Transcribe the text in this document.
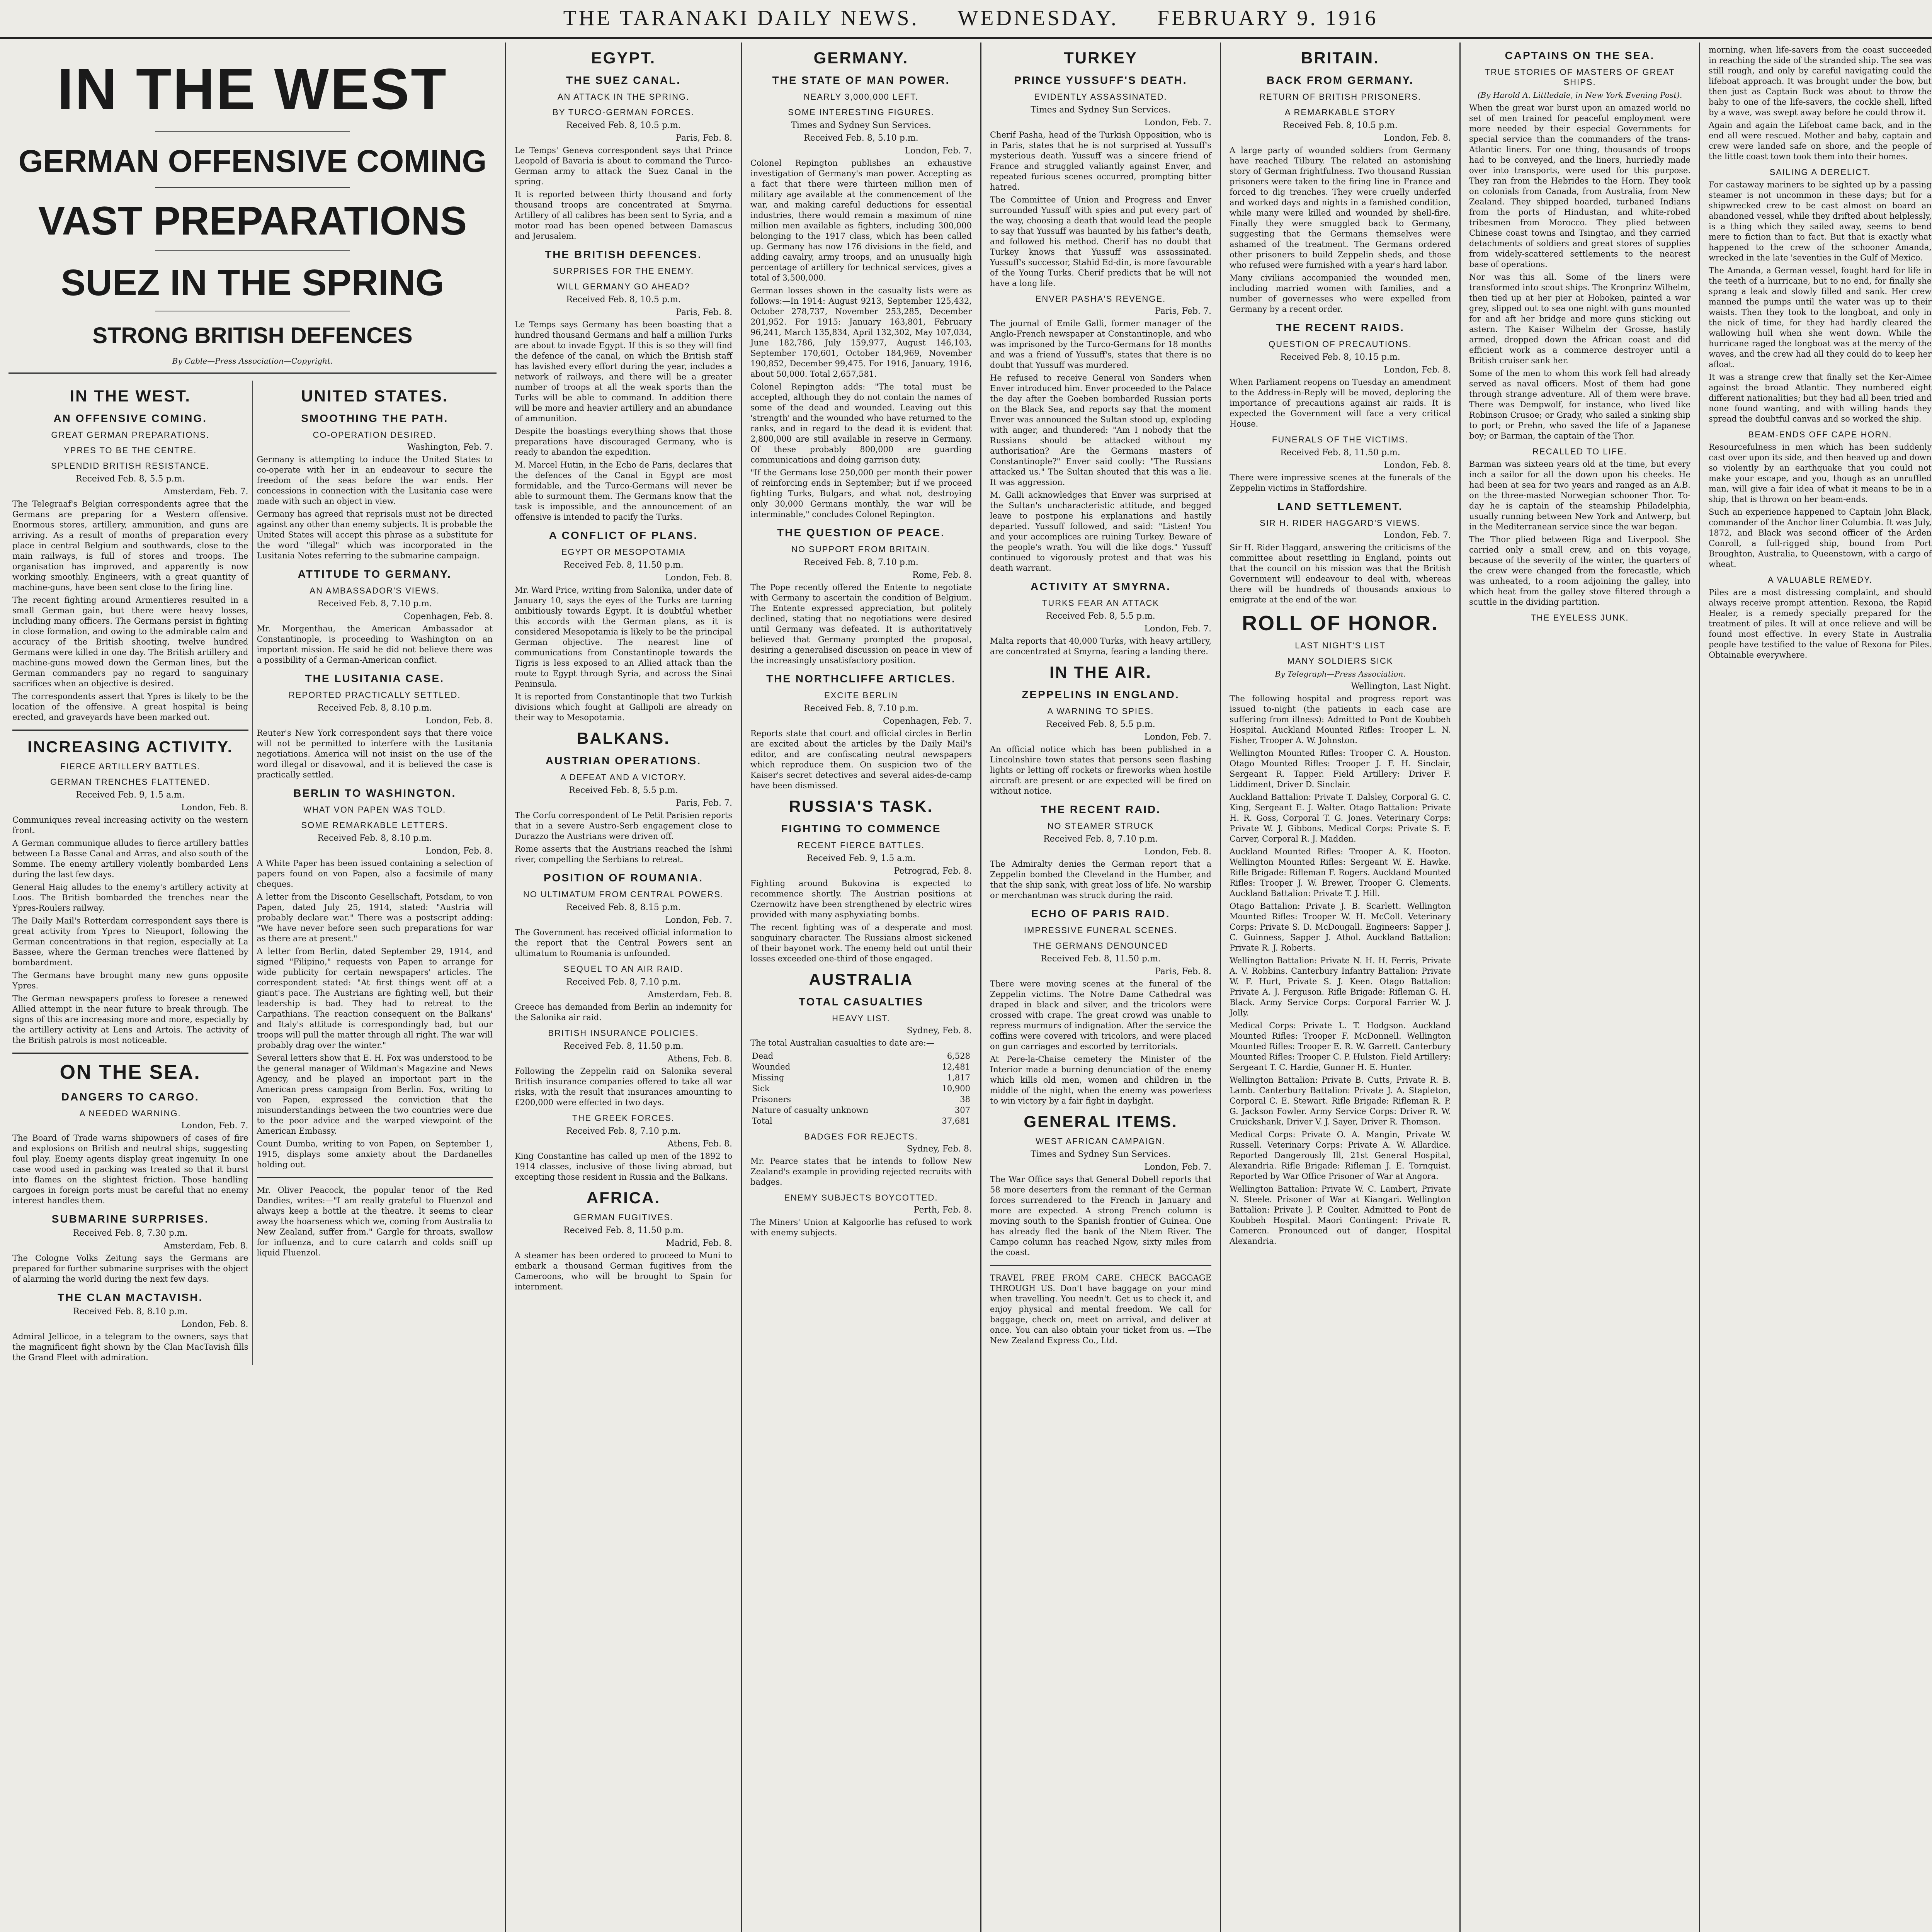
THE TARANAKI DAILY NEWS. WEDNESDAY. FEBRUARY 9. 1916
IN THE WEST
GERMAN OFFENSIVE COMING
VAST PREPARATIONS
SUEZ IN THE SPRING
STRONG BRITISH DEFENCES
By Cable—Press Association—Copyright.
IN THE WEST.
AN OFFENSIVE COMING.
GREAT GERMAN PREPARATIONS.
YPRES TO BE THE CENTRE.
SPLENDID BRITISH RESISTANCE.
Received Feb. 8, 5.5 p.m.
Amsterdam, Feb. 7.

The Telegraaf's Belgian correspondents agree that the Germans are preparing for a Western offensive. Enormous stores, artillery, ammunition, and guns are arriving. As a result of months of preparation every place in central Belgium and southwards, close to the main railways, is full of stores and troops. The organisation has improved, and apparently is now working smoothly. Engineers, with a great quantity of machine-guns, have been sent close to the firing line.

The recent fighting around Armentieres resulted in a small German gain, but there were heavy losses, including many officers. The Germans persist in fighting in close formation, and owing to the admirable calm and accuracy of the British shooting, twelve hundred Germans were killed in one day. The British artillery and machine-guns mowed down the German lines, but the German commanders pay no regard to sanguinary sacrifices when an objective is desired.

The correspondents assert that Ypres is likely to be the location of the offensive. A great hospital is being erected, and graveyards have been marked out.

INCREASING ACTIVITY.
FIERCE ARTILLERY BATTLES.
GERMAN TRENCHES FLATTENED.
Received Feb. 9, 1.5 a.m.
London, Feb. 8.

Communiques reveal increasing activity on the western front.

A German communique alludes to fierce artillery battles between La Basse Canal and Arras, and also south of the Somme. The enemy artillery violently bombarded Lens during the last few days.

General Haig alludes to the enemy's artillery activity at Loos. The British bombarded the trenches near the Ypres-Roulers railway.

The Daily Mail's Rotterdam correspondent says there is great activity from Ypres to Nieuport, following the German concentrations in that region, especially at La Bassee, where the German trenches were flattened by bombardment.

The Germans have brought many new guns opposite Ypres.

The German newspapers profess to foresee a renewed Allied attempt in the near future to break through. The signs of this are increasing more and more, especially by the artillery activity at Lens and Artois. The activity of the British patrols is most noticeable.

ON THE SEA.
DANGERS TO CARGO.
A NEEDED WARNING.
London, Feb. 7.

The Board of Trade warns shipowners of cases of fire and explosions on British and neutral ships, suggesting foul play. Enemy agents display great ingenuity. In one case wood used in packing was treated so that it burst into flames on the slightest friction. Those handling cargoes in foreign ports must be careful that no enemy interest handles them.

SUBMARINE SURPRISES.
Received Feb. 8, 7.30 p.m.
Amsterdam, Feb. 8.

The Cologne Volks Zeitung says the Germans are prepared for further submarine surprises with the object of alarming the world during the next few days.

THE CLAN MACTAVISH.
Received Feb. 8, 8.10 p.m.
London, Feb. 8.

Admiral Jellicoe, in a telegram to the owners, says that the magnificent fight shown by the Clan MacTavish fills the Grand Fleet with admiration.

UNITED STATES.
SMOOTHING THE PATH.
CO-OPERATION DESIRED.
Washington, Feb. 7.

Germany is attempting to induce the United States to co-operate with her in an endeavour to secure the freedom of the seas before the war ends. Her concessions in connection with the Lusitania case were made with such an object in view.

Germany has agreed that reprisals must not be directed against any other than enemy subjects. It is probable the United States will accept this phrase as a substitute for the word "illegal" which was incorporated in the Lusitania Notes referring to the submarine campaign.

ATTITUDE TO GERMANY.
AN AMBASSADOR'S VIEWS.
Received Feb. 8, 7.10 p.m.
Copenhagen, Feb. 8.

Mr. Morgenthau, the American Ambassador at Constantinople, is proceeding to Washington on an important mission. He said he did not believe there was a possibility of a German-American conflict.

THE LUSITANIA CASE.
REPORTED PRACTICALLY SETTLED.
Received Feb. 8, 8.10 p.m.
London, Feb. 8.

Reuter's New York correspondent says that there voice will not be permitted to interfere with the Lusitania negotiations. America will not insist on the use of the word illegal or disavowal, and it is believed the case is practically settled.

BERLIN TO WASHINGTON.
WHAT VON PAPEN WAS TOLD.
SOME REMARKABLE LETTERS.
Received Feb. 8, 8.10 p.m.
London, Feb. 8.

A White Paper has been issued containing a selection of papers found on von Papen, also a facsimile of many cheques.

A letter from the Disconto Gesellschaft, Potsdam, to von Papen, dated July 25, 1914, stated: "Austria will probably declare war." There was a postscript adding: "We have never before seen such preparations for war as there are at present."

A letter from Berlin, dated September 29, 1914, and signed "Filipino," requests von Papen to arrange for wide publicity for certain newspapers' articles. The correspondent stated: "At first things went off at a giant's pace. The Austrians are fighting well, but their leadership is bad. They had to retreat to the Carpathians. The reaction consequent on the Balkans' and Italy's attitude is correspondingly bad, but our troops will pull the matter through all right. The war will probably drag over the winter."

Several letters show that E. H. Fox was understood to be the general manager of Wildman's Magazine and News Agency, and he played an important part in the American press campaign from Berlin. Fox, writing to von Papen, expressed the conviction that the misunderstandings between the two countries were due to the poor advice and the warped viewpoint of the American Embassy.

Count Dumba, writing to von Papen, on September 1, 1915, displays some anxiety about the Dardanelles holding out.

Mr. Oliver Peacock, the popular tenor of the Red Dandies, writes:—"I am really grateful to Fluenzol and always keep a bottle at the theatre. It seems to clear away the hoarseness which we, coming from Australia to New Zealand, suffer from." Gargle for throats, swallow for influenza, and to cure catarrh and colds sniff up liquid Fluenzol.

EGYPT.
THE SUEZ CANAL.
AN ATTACK IN THE SPRING.
BY TURCO-GERMAN FORCES.
Received Feb. 8, 10.5 p.m.
Paris, Feb. 8.

Le Temps' Geneva correspondent says that Prince Leopold of Bavaria is about to command the Turco-German army to attack the Suez Canal in the spring.

It is reported between thirty thousand and forty thousand troops are concentrated at Smyrna. Artillery of all calibres has been sent to Syria, and a motor road has been opened between Damascus and Jerusalem.

THE BRITISH DEFENCES.
SURPRISES FOR THE ENEMY.
WILL GERMANY GO AHEAD?
Received Feb. 8, 10.5 p.m.
Paris, Feb. 8.

Le Temps says Germany has been boasting that a hundred thousand Germans and half a million Turks are about to invade Egypt. If this is so they will find the defence of the canal, on which the British staff has lavished every effort during the year, includes a network of railways, and there will be a greater number of troops at all the weak sports than the Turks will be able to command. In addition there will be more and heavier artillery and an abundance of ammunition.

Despite the boastings everything shows that those preparations have discouraged Germany, who is ready to abandon the expedition.

M. Marcel Hutin, in the Echo de Paris, declares that the defences of the Canal in Egypt are most formidable, and the Turco-Germans will never be able to surmount them. The Germans know that the task is impossible, and the announcement of an offensive is intended to pacify the Turks.

A CONFLICT OF PLANS.
EGYPT OR MESOPOTAMIA
Received Feb. 8, 11.50 p.m.
London, Feb. 8.

Mr. Ward Price, writing from Salonika, under date of January 10, says the eyes of the Turks are turning ambitiously towards Egypt. It is doubtful whether this accords with the German plans, as it is considered Mesopotamia is likely to be the principal German objective. The nearest line of communications from Constantinople towards the Tigris is less exposed to an Allied attack than the route to Egypt through Syria, and across the Sinai Peninsula.

It is reported from Constantinople that two Turkish divisions which fought at Gallipoli are already on their way to Mesopotamia.

BALKANS.
AUSTRIAN OPERATIONS.
A DEFEAT AND A VICTORY.
Received Feb. 8, 5.5 p.m.
Paris, Feb. 7.

The Corfu correspondent of Le Petit Parisien reports that in a severe Austro-Serb engagement close to Durazzo the Austrians were driven off.

Rome asserts that the Austrians reached the Ishmi river, compelling the Serbians to retreat.

POSITION OF ROUMANIA.
NO ULTIMATUM FROM CENTRAL POWERS.
Received Feb. 8, 8.15 p.m.
London, Feb. 7.

The Government has received official information to the report that the Central Powers sent an ultimatum to Roumania is unfounded.

SEQUEL TO AN AIR RAID.
Received Feb. 8, 7.10 p.m.
Amsterdam, Feb. 8.

Greece has demanded from Berlin an indemnity for the Salonika air raid.

BRITISH INSURANCE POLICIES.
Received Feb. 8, 11.50 p.m.
Athens, Feb. 8.

Following the Zeppelin raid on Salonika several British insurance companies offered to take all war risks, with the result that insurances amounting to £200,000 were effected in two days.

THE GREEK FORCES.
Received Feb. 8, 7.10 p.m.
Athens, Feb. 8.

King Constantine has called up men of the 1892 to 1914 classes, inclusive of those living abroad, but excepting those resident in Russia and the Balkans.

AFRICA.
GERMAN FUGITIVES.
Received Feb. 8, 11.50 p.m.
Madrid, Feb. 8.

A steamer has been ordered to proceed to Muni to embark a thousand German fugitives from the Cameroons, who will be brought to Spain for internment.

GERMANY.
THE STATE OF MAN POWER.
NEARLY 3,000,000 LEFT.
SOME INTERESTING FIGURES.
Times and Sydney Sun Services.
Received Feb. 8, 5.10 p.m.
London, Feb. 7.

Colonel Repington publishes an exhaustive investigation of Germany's man power. Accepting as a fact that there were thirteen million men of military age available at the commencement of the war, and making careful deductions for essential industries, there would remain a maximum of nine million men available as fighters, including 300,000 belonging to the 1917 class, which has been called up. Germany has now 176 divisions in the field, and adding cavalry, army troops, and an unusually high percentage of artillery for technical services, gives a total of 3,500,000.

German losses shown in the casualty lists were as follows:—In 1914: August 9213, September 125,432, October 278,737, November 253,285, December 201,952. For 1915: January 163,801, February 96,241, March 135,834, April 132,302, May 107,034, June 182,786, July 159,977, August 146,103, September 170,601, October 184,969, November 190,852, December 99,475. For 1916, January, 1916, about 50,000. Total 2,657,581.

Colonel Repington adds: "The total must be accepted, although they do not contain the names of some of the dead and wounded. Leaving out this 'strength' and the wounded who have returned to the ranks, and in regard to the dead it is evident that 2,800,000 are still available in reserve in Germany. Of these probably 800,000 are guarding communications and doing garrison duty.

"If the Germans lose 250,000 per month their power of reinforcing ends in September; but if we proceed fighting Turks, Bulgars, and what not, destroying only 30,000 Germans monthly, the war will be interminable," concludes Colonel Repington.

THE QUESTION OF PEACE.
NO SUPPORT FROM BRITAIN.
Received Feb. 8, 7.10 p.m.
Rome, Feb. 8.

The Pope recently offered the Entente to negotiate with Germany to ascertain the condition of Belgium. The Entente expressed appreciation, but politely declined, stating that no negotiations were desired until Germany was defeated. It is authoritatively believed that Germany prompted the proposal, desiring a generalised discussion on peace in view of the increasingly unsatisfactory position.

THE NORTHCLIFFE ARTICLES.
EXCITE BERLIN
Received Feb. 8, 7.10 p.m.
Copenhagen, Feb. 7.

Reports state that court and official circles in Berlin are excited about the articles by the Daily Mail's editor, and are confiscating neutral newspapers which reproduce them. On suspicion two of the Kaiser's secret detectives and several aides-de-camp have been dismissed.

RUSSIA'S TASK.
FIGHTING TO COMMENCE
RECENT FIERCE BATTLES.
Received Feb. 9, 1.5 a.m.
Petrograd, Feb. 8.

Fighting around Bukovina is expected to recommence shortly. The Austrian positions at Czernowitz have been strengthened by electric wires provided with many asphyxiating bombs.

The recent fighting was of a desperate and most sanguinary character. The Russians almost sickened of their bayonet work. The enemy held out until their losses exceeded one-third of those engaged.

AUSTRALIA
TOTAL CASUALTIES
HEAVY LIST.
Sydney, Feb. 8.

The total Australian casualties to date are:—

Dead	6,528
Wounded	12,481
Missing	1,817
Sick	10,900
Prisoners	38
Nature of casualty unknown	307
Total	37,681
BADGES FOR REJECTS.
Sydney, Feb. 8.

Mr. Pearce states that he intends to follow New Zealand's example in providing rejected recruits with badges.

ENEMY SUBJECTS BOYCOTTED.
Perth, Feb. 8.

The Miners' Union at Kalgoorlie has refused to work with enemy subjects.

TURKEY
PRINCE YUSSUFF'S DEATH.
EVIDENTLY ASSASSINATED.
Times and Sydney Sun Services.
London, Feb. 7.

Cherif Pasha, head of the Turkish Opposition, who is in Paris, states that he is not surprised at Yussuff's mysterious death. Yussuff was a sincere friend of France and struggled valiantly against Enver, and repeated furious scenes occurred, prompting bitter hatred.

The Committee of Union and Progress and Enver surrounded Yussuff with spies and put every part of the way, choosing a death that would lead the people to say that Yussuff was haunted by his father's death, and followed his method. Cherif has no doubt that Turkey knows that Yussuff was assassinated. Yussuff's successor, Stahid Ed-din, is more favourable of the Young Turks. Cherif predicts that he will not have a long life.

ENVER PASHA'S REVENGE.
Paris, Feb. 7.

The journal of Emile Galli, former manager of the Anglo-French newspaper at Constantinople, and who was imprisoned by the Turco-Germans for 18 months and was a friend of Yussuff's, states that there is no doubt that Yussuff was murdered.

He refused to receive General von Sanders when Enver introduced him. Enver proceeded to the Palace the day after the Goeben bombarded Russian ports on the Black Sea, and reports say that the moment Enver was announced the Sultan stood up, exploding with anger, and thundered: "Am I nobody that the Russians should be attacked without my authorisation? Are the Germans masters of Constantinople?" Enver said coolly: "The Russians attacked us." The Sultan shouted that this was a lie. It was aggression.

M. Galli acknowledges that Enver was surprised at the Sultan's uncharacteristic attitude, and begged leave to postpone his explanations and hastily departed. Yussuff followed, and said: "Listen! You and your accomplices are ruining Turkey. Beware of the people's wrath. You will die like dogs." Yussuff continued to vigorously protest and that was his death warrant.

ACTIVITY AT SMYRNA.
TURKS FEAR AN ATTACK
Received Feb. 8, 5.5 p.m.
London, Feb. 7.

Malta reports that 40,000 Turks, with heavy artillery, are concentrated at Smyrna, fearing a landing there.

IN THE AIR.
ZEPPELINS IN ENGLAND.
A WARNING TO SPIES.
Received Feb. 8, 5.5 p.m.
London, Feb. 7.

An official notice which has been published in a Lincolnshire town states that persons seen flashing lights or letting off rockets or fireworks when hostile aircraft are present or are expected will be fired on without notice.

THE RECENT RAID.
NO STEAMER STRUCK
Received Feb. 8, 7.10 p.m.
London, Feb. 8.

The Admiralty denies the German report that a Zeppelin bombed the Cleveland in the Humber, and that the ship sank, with great loss of life. No warship or merchantman was struck during the raid.

ECHO OF PARIS RAID.
IMPRESSIVE FUNERAL SCENES.
THE GERMANS DENOUNCED
Received Feb. 8, 11.50 p.m.
Paris, Feb. 8.

There were moving scenes at the funeral of the Zeppelin victims. The Notre Dame Cathedral was draped in black and silver, and the tricolors were crossed with crape. The great crowd was unable to repress murmurs of indignation. After the service the coffins were covered with tricolors, and were placed on gun carriages and escorted by territorials.

At Pere-la-Chaise cemetery the Minister of the Interior made a burning denunciation of the enemy which kills old men, women and children in the middle of the night, when the enemy was powerless to win victory by a fair fight in daylight.

GENERAL ITEMS.
WEST AFRICAN CAMPAIGN.
Times and Sydney Sun Services.
London, Feb. 7.

The War Office says that General Dobell reports that 58 more deserters from the remnant of the German forces surrendered to the French in January and more are expected. A strong French column is moving south to the Spanish frontier of Guinea. One has already fled the bank of the Ntem River. The Campo column has reached Ngow, sixty miles from the coast.

TRAVEL FREE FROM CARE. CHECK BAGGAGE THROUGH US. Don't have baggage on your mind when travelling. You needn't. Get us to check it, and enjoy physical and mental freedom. We call for baggage, check on, meet on arrival, and deliver at once. You can also obtain your ticket from us. —The New Zealand Express Co., Ltd.

BRITAIN.
BACK FROM GERMANY.
RETURN OF BRITISH PRISONERS.
A REMARKABLE STORY
Received Feb. 8, 10.5 p.m.
London, Feb. 8.

A large party of wounded soldiers from Germany have reached Tilbury. The related an astonishing story of German frightfulness. Two thousand Russian prisoners were taken to the firing line in France and forced to dig trenches. They were cruelly underfed and worked days and nights in a famished condition, while many were killed and wounded by shell-fire. Finally they were smuggled back to Germany, suggesting that the Germans themselves were ashamed of the treatment. The Germans ordered other prisoners to build Zeppelin sheds, and those who refused were furnished with a year's hard labor.

Many civilians accompanied the wounded men, including married women with families, and a number of governesses who were expelled from Germany by a recent order.

THE RECENT RAIDS.
QUESTION OF PRECAUTIONS.
Received Feb. 8, 10.15 p.m.
London, Feb. 8.

When Parliament reopens on Tuesday an amendment to the Address-in-Reply will be moved, deploring the importance of precautions against air raids. It is expected the Government will face a very critical House.

FUNERALS OF THE VICTIMS.
Received Feb. 8, 11.50 p.m.
London, Feb. 8.

There were impressive scenes at the funerals of the Zeppelin victims in Staffordshire.

LAND SETTLEMENT.
SIR H. RIDER HAGGARD'S VIEWS.
London, Feb. 7.

Sir H. Rider Haggard, answering the criticisms of the committee about resettling in England, points out that the council on his mission was that the British Government will endeavour to deal with, whereas there will be hundreds of thousands anxious to emigrate at the end of the war.

ROLL OF HONOR.
LAST NIGHT'S LIST
MANY SOLDIERS SICK
By Telegraph—Press Association.
Wellington, Last Night.

The following hospital and progress report was issued to-night (the patients in each case are suffering from illness): Admitted to Pont de Koubbeh Hospital. Auckland Mounted Rifles: Trooper L. N. Fisher, Trooper A. W. Johnston.

Wellington Mounted Rifles: Trooper C. A. Houston. Otago Mounted Rifles: Trooper J. F. H. Sinclair, Sergeant R. Tapper. Field Artillery: Driver F. Liddiment, Driver D. Sinclair.

Auckland Battalion: Private T. Dalsley, Corporal G. C. King, Sergeant E. J. Walter. Otago Battalion: Private H. R. Goss, Corporal T. G. Jones. Veterinary Corps: Private W. J. Gibbons. Medical Corps: Private S. F. Carver, Corporal R. J. Madden.

Auckland Mounted Rifles: Trooper A. K. Hooton. Wellington Mounted Rifles: Sergeant W. E. Hawke. Rifle Brigade: Rifleman F. Rogers. Auckland Mounted Rifles: Trooper J. W. Brewer, Trooper G. Clements. Auckland Battalion: Private T. J. Hill.

Otago Battalion: Private J. B. Scarlett. Wellington Mounted Rifles: Trooper W. H. McColl. Veterinary Corps: Private S. D. McDougall. Engineers: Sapper J. C. Guinness, Sapper J. Athol. Auckland Battalion: Private R. J. Roberts.

Wellington Battalion: Private N. H. H. Ferris, Private A. V. Robbins. Canterbury Infantry Battalion: Private W. F. Hurt, Private S. J. Keen. Otago Battalion: Private A. J. Ferguson. Rifle Brigade: Rifleman G. H. Black. Army Service Corps: Corporal Farrier W. J. Jolly.

Medical Corps: Private L. T. Hodgson. Auckland Mounted Rifles: Trooper F. McDonnell. Wellington Mounted Rifles: Trooper E. R. W. Garrett. Canterbury Mounted Rifles: Trooper C. P. Hulston. Field Artillery: Sergeant T. C. Hardie, Gunner H. E. Hunter.

Wellington Battalion: Private B. Cutts, Private R. B. Lamb. Canterbury Battalion: Private J. A. Stapleton, Corporal C. E. Stewart. Rifle Brigade: Rifleman R. P. G. Jackson Fowler. Army Service Corps: Driver R. W. Cruickshank, Driver V. J. Sayer, Driver R. Thomson.

Medical Corps: Private O. A. Mangin, Private W. Russell. Veterinary Corps: Private A. W. Allardice. Reported Dangerously Ill, 21st General Hospital, Alexandria. Rifle Brigade: Rifleman J. E. Tornquist. Reported by War Office Prisoner of War at Angora.

Wellington Battalion: Private W. C. Lambert, Private N. Steele. Prisoner of War at Kiangari. Wellington Battalion: Private J. P. Coulter. Admitted to Pont de Koubbeh Hospital. Maori Contingent: Private R. Camercn. Pronounced out of danger, Hospital Alexandria.

CAPTAINS ON THE SEA.
TRUE STORIES OF MASTERS OF GREAT SHIPS.
(By Harold A. Littledale, in New York Evening Post).

When the great war burst upon an amazed world no set of men trained for peaceful employment were more needed by their especial Governments for special service than the commanders of the trans-Atlantic liners. For one thing, thousands of troops had to be conveyed, and the liners, hurriedly made over into transports, were used for this purpose. They ran from the Hebrides to the Horn. They took on colonials from Canada, from Australia, from New Zealand. They shipped hoarded, turbaned Indians from the ports of Hindustan, and white-robed tribesmen from Morocco. They plied between Chinese coast towns and Tsingtao, and they carried detachments of soldiers and great stores of supplies from widely-scattered settlements to the nearest base of operations.

Nor was this all. Some of the liners were transformed into scout ships. The Kronprinz Wilhelm, then tied up at her pier at Hoboken, painted a war grey, slipped out to sea one night with guns mounted for and aft her bridge and more guns sticking out astern. The Kaiser Wilhelm der Grosse, hastily armed, dropped down the African coast and did efficient work as a commerce destroyer until a British cruiser sank her.

Some of the men to whom this work fell had already served as naval officers. Most of them had gone through strange adventure. All of them were brave. There was Dempwolf, for instance, who lived like Robinson Crusoe; or Grady, who sailed a sinking ship to port; or Prehn, who saved the life of a Japanese boy; or Barman, the captain of the Thor.

RECALLED TO LIFE.

Barman was sixteen years old at the time, but every inch a sailor for all the down upon his cheeks. He had been at sea for two years and ranged as an A.B. on the three-masted Norwegian schooner Thor. To-day he is captain of the steamship Philadelphia, usually running between New York and Antwerp, but in the Mediterranean service since the war began.

The Thor plied between Riga and Liverpool. She carried only a small crew, and on this voyage, because of the severity of the winter, the quarters of the crew were changed from the forecastle, which was unheated, to a room adjoining the galley, into which heat from the galley stove filtered through a scuttle in the dividing partition.

THE EYELESS JUNK.

morning, when life-savers from the coast succeeded in reaching the side of the stranded ship. The sea was still rough, and only by careful navigating could the lifeboat approach. It was brought under the bow, but then just as Captain Buck was about to throw the baby to one of the life-savers, the cockle shell, lifted by a wave, was swept away before he could throw it.

Again and again the Lifeboat came back, and in the end all were rescued. Mother and baby, captain and crew were landed safe on shore, and the people of the little coast town took them into their homes.

SAILING A DERELICT.

For castaway mariners to be sighted up by a passing steamer is not uncommon in these days; but for a shipwrecked crew to be cast almost on board an abandoned vessel, while they drifted about helplessly, is a thing which they sailed away, seems to bend mere to fiction than to fact. But that is exactly what happened to the crew of the schooner Amanda, wrecked in the late 'seventies in the Gulf of Mexico.

The Amanda, a German vessel, fought hard for life in the teeth of a hurricane, but to no end, for finally she sprang a leak and slowly filled and sank. Her crew manned the pumps until the water was up to their waists. Then they took to the longboat, and only in the nick of time, for they had hardly cleared the wallowing hull when she went down. While the hurricane raged the longboat was at the mercy of the waves, and the crew had all they could do to keep her afloat.

It was a strange crew that finally set the Ker-Aimee against the broad Atlantic. They numbered eight different nationalities; but they had all been tried and none found wanting, and with willing hands they spread the doubtful canvas and so worked the ship.

BEAM-ENDS OFF CAPE HORN.

Resourcefulness in men which has been suddenly cast over upon its side, and then heaved up and down so violently by an earthquake that you could not make your escape, and you, though as an unruffled man, will give a fair idea of what it means to be in a ship, that is thrown on her beam-ends.

Such an experience happened to Captain John Black, commander of the Anchor liner Columbia. It was July, 1872, and Black was second officer of the Arden Conroll, a full-rigged ship, bound from Port Broughton, Australia, to Queenstown, with a cargo of wheat.

A VALUABLE REMEDY.

Piles are a most distressing complaint, and should always receive prompt attention. Rexona, the Rapid Healer, is a remedy specially prepared for the treatment of piles. It will at once relieve and will be found most effective. In every State in Australia people have testified to the value of Rexona for Piles. Obtainable everywhere.
